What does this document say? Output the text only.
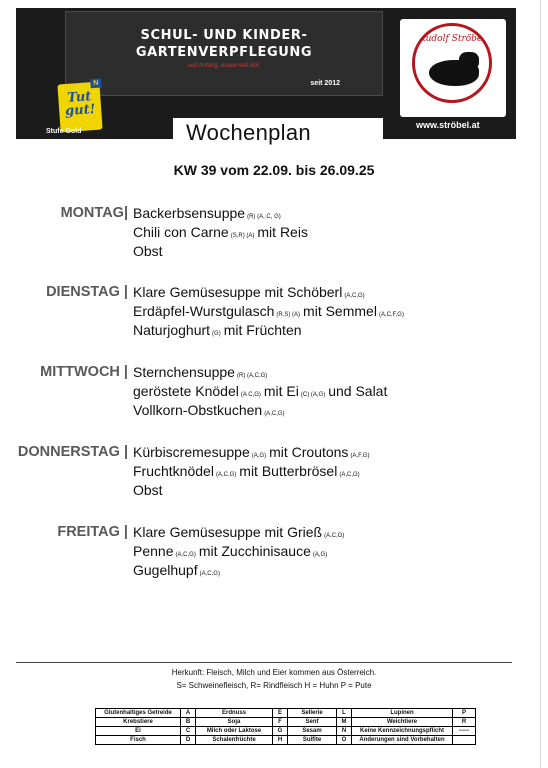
SCHUL- UND KINDER-
GARTENVERPFLEGUNG
seit Anfang, essen seit Anf.
seit 2012
N
Tut gut!
Stufe Gold	Wochenplan
Rudolf Ströbel
www.ströbel.at
KW 39 vom 22.09. bis 26.09.25
MONTAG| Backerbsensuppe (R) (A, C, G)
Chili con Carne (S,R) (A) mit Reis
Obst
DIENSTAG | Klare Gemüsesuppe mit Schöberl (A,C,G)
Erdäpfel-Wurstgulasch (R,S) (A) mit Semmel (A,C,F,G)
Naturjoghurt (G) mit Früchten
MITTWOCH | Sternchensuppe (R) (A,C,G)
geröstete Knödel (A C,G) mit Ei (C) (A,G) und Salat
Vollkorn-Obstkuchen (A,C,G)
DONNERSTAG | Kürbiscremesuppe (A,G) mit Croutons (A,F,G)
Fruchtknödel (A,C,G) mit Butterbrösel (A,C,G)
Obst
FREITAG | Klare Gemüsesuppe mit Grieß (A,C,G)
Penne (A,C,G) mit Zucchinisauce (A,G)
Gugelhupf (A,C,G)
Herkunft: Fleisch, Milch und Eier kommen aus Österreich.
S= Schweinefleisch, R= Rindfleisch H = Huhn P = Pute
Glutenhaltiges Getreide	A	Erdnuss	E	Sellerie	L	Lupinen	P
Krebstiere	B	Soja	F	Senf	M	Weichtiere	R
Ei	C	Milch oder Laktose	G	Sesam	N	Keine Kennzeichnungspflicht	-----
Fisch	D	Schalenfrüchte	H	Sulfite	O	Änderungen sind Vorbehalten	
